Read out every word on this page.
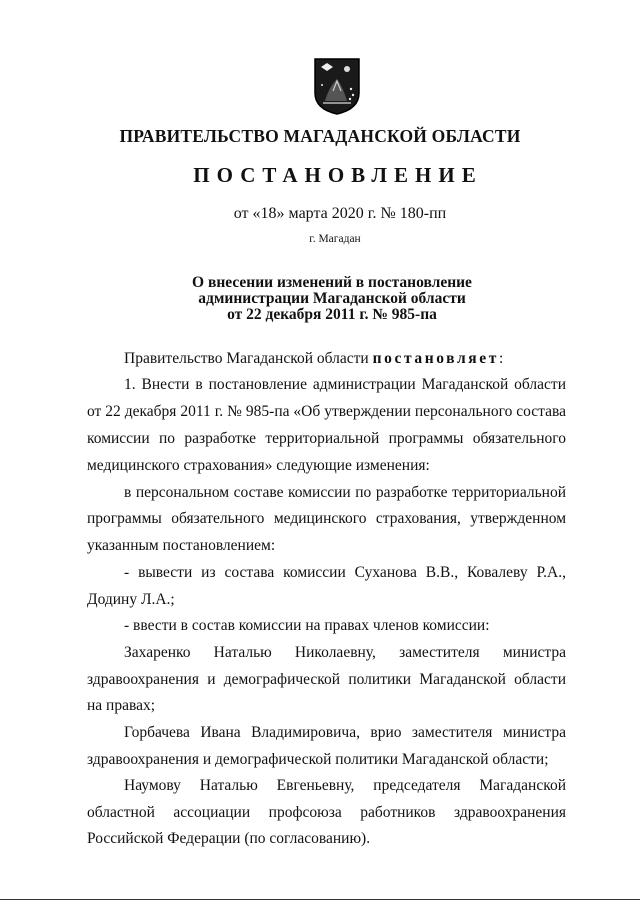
ПРАВИТЕЛЬСТВО МАГАДАНСКОЙ ОБЛАСТИ
ПОСТАНОВЛЕНИЕ
от «18» марта 2020 г. № 180-пп
г. Магадан
О внесении изменений в постановление
администрации Магаданской области
от 22 декабря 2011 г. № 985-па
Правительство Магаданской области постановляет:
1. Внести в постановление администрации Магаданской области
от 22 декабря 2011 г. № 985-па «Об утверждении персонального состава
комиссии по разработке территориальной программы обязательного
медицинского страхования» следующие изменения:
в персональном составе комиссии по разработке территориальной
программы обязательного медицинского страхования, утвержденном
указанным постановлением:
- вывести из состава комиссии Суханова В.В., Ковалеву Р.А.,
Додину Л.А.;
- ввести в состав комиссии на правах членов комиссии:
Захаренко Наталью Николаевну, заместителя министра
здравоохранения и демографической политики Магаданской области
на правах;
Горбачева Ивана Владимировича, врио заместителя министра
здравоохранения и демографической политики Магаданской области;
Наумову Наталью Евгеньевну, председателя Магаданской
областной ассоциации профсоюза работников здравоохранения
Российской Федерации (по согласованию).
